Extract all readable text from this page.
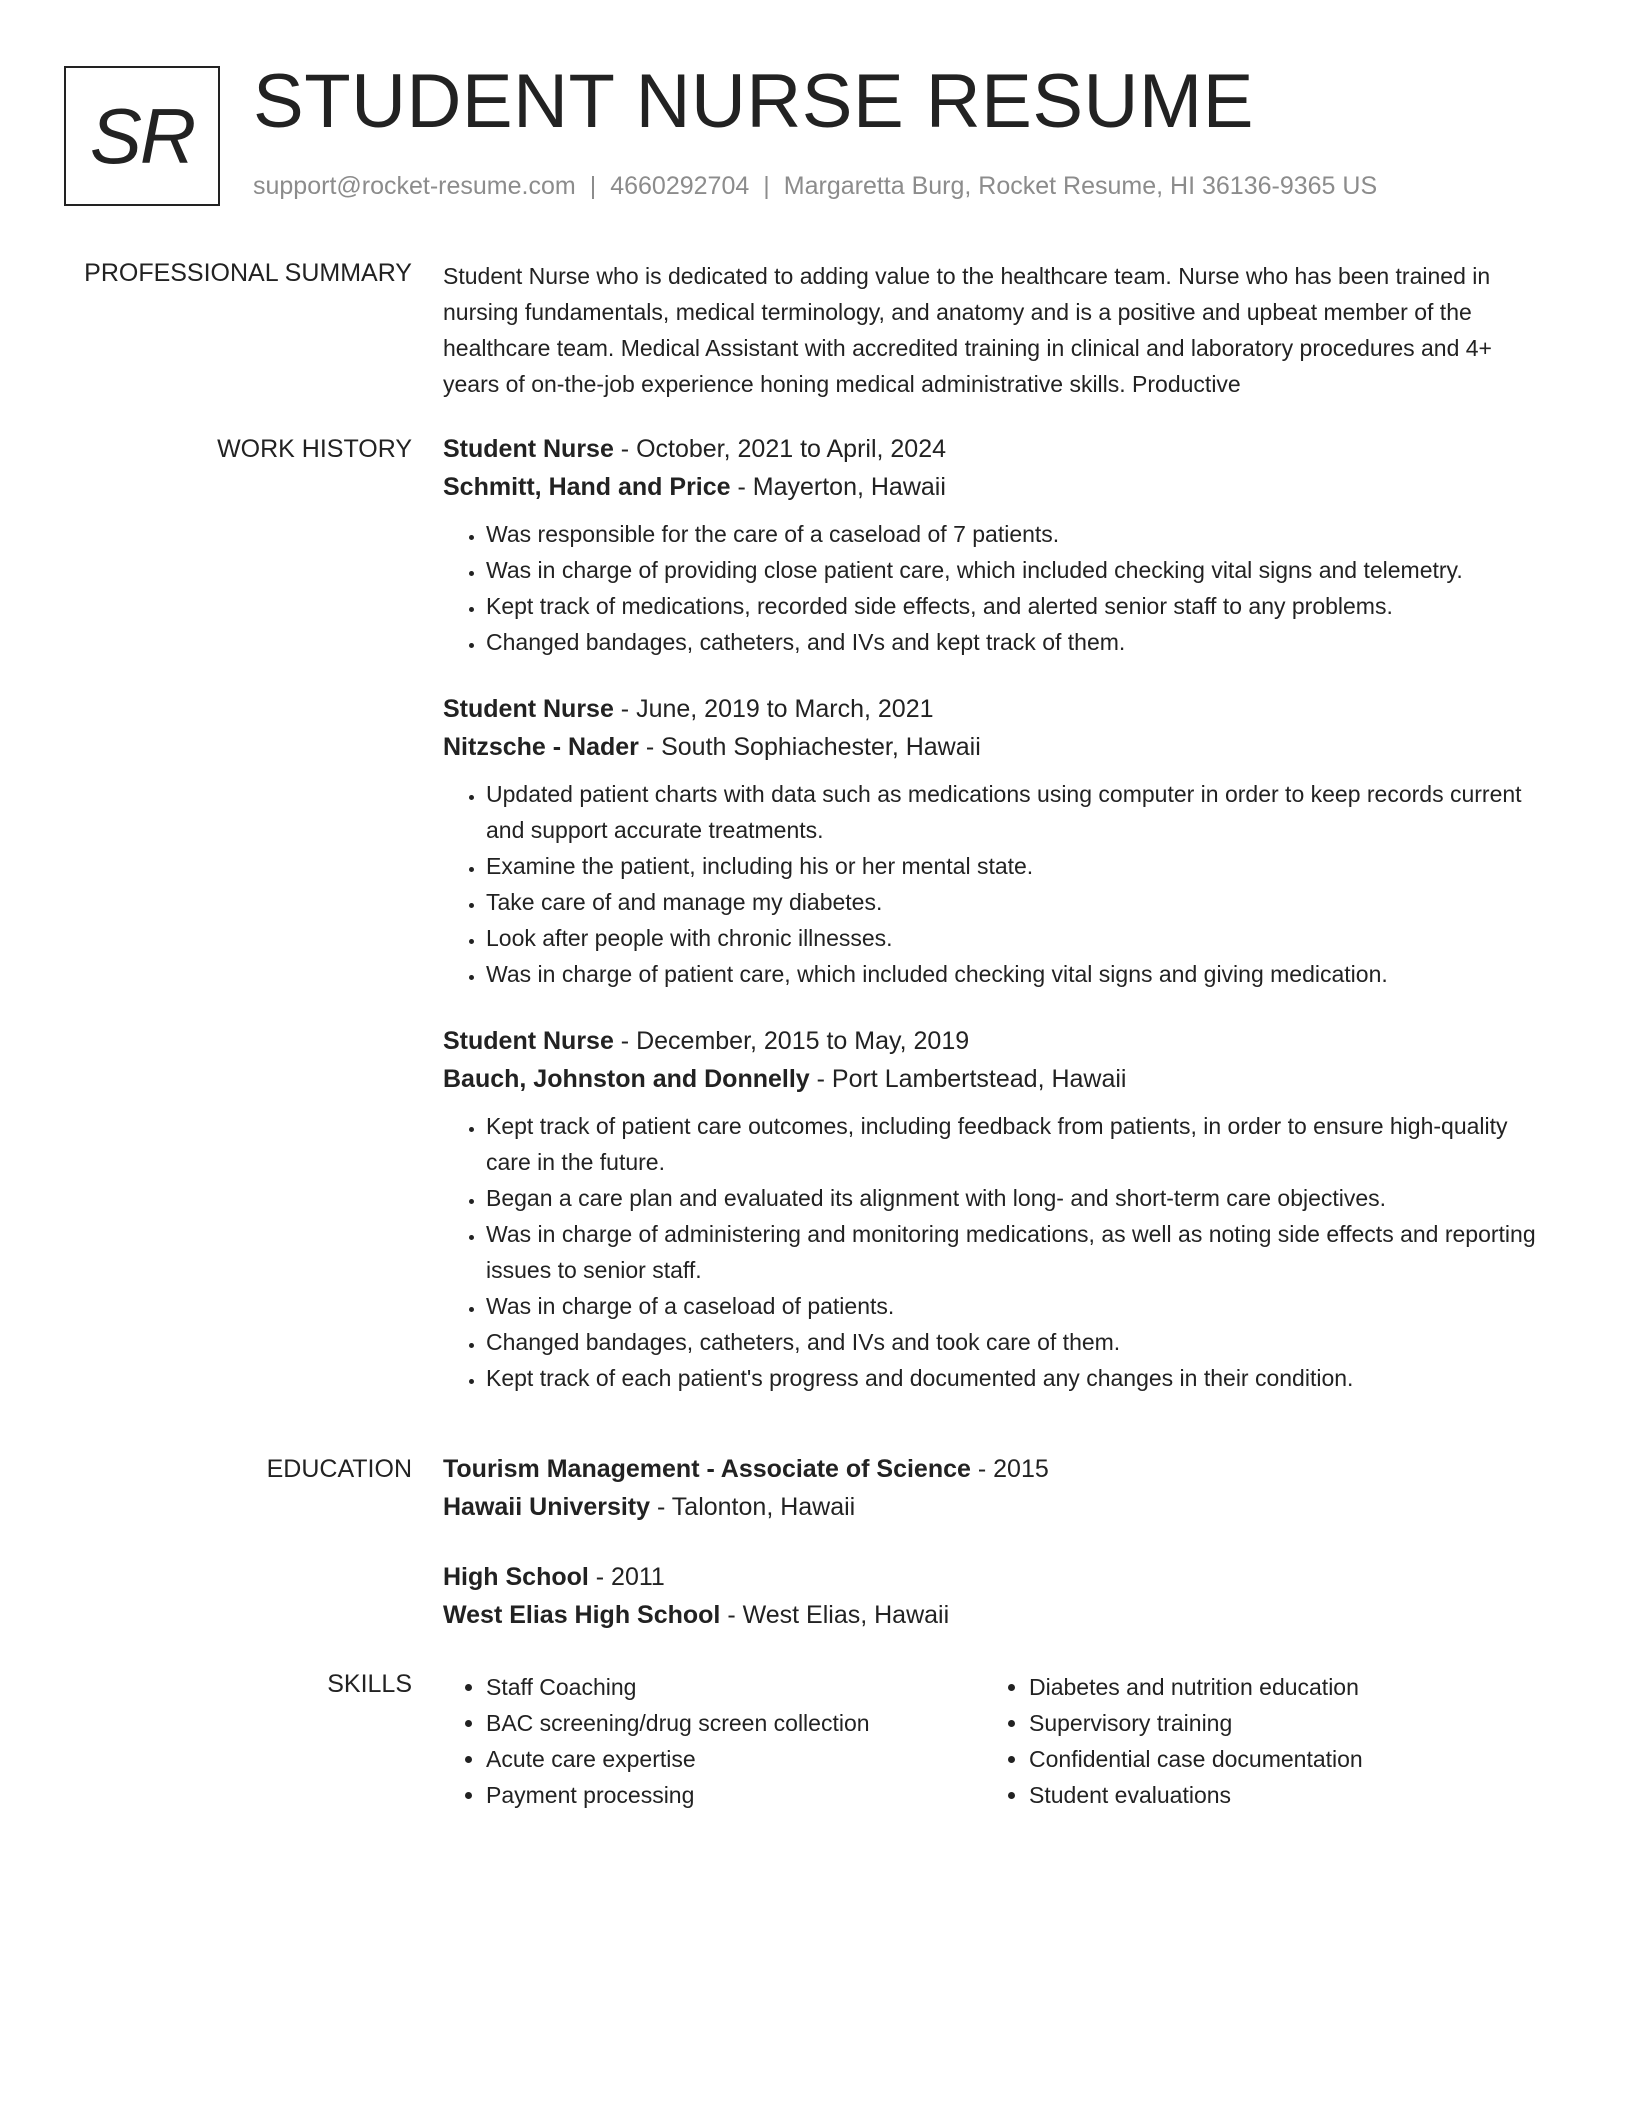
SR STUDENT NURSE RESUME
support@rocket-resume.com | 4660292704 | Margaretta Burg, Rocket Resume, HI 36136-9365 US
PROFESSIONAL SUMMARY Student Nurse who is dedicated to adding value to the healthcare team. Nurse who has been trained in nursing fundamentals, medical terminology, and anatomy and is a positive and upbeat member of the healthcare team. Medical Assistant with accredited training in clinical and laboratory procedures and 4+ years of on-the-job experience honing medical administrative skills. Productive

WORK HISTORY Student Nurse - October, 2021 to April, 2024
Schmitt, Hand and Price - Mayerton, Hawaii
• Was responsible for the care of a caseload of 7 patients.
• Was in charge of providing close patient care, which included checking vital signs and telemetry.
• Kept track of medications, recorded side effects, and alerted senior staff to any problems.
• Changed bandages, catheters, and IVs and kept track of them.
Student Nurse - June, 2019 to March, 2021
Nitzsche - Nader - South Sophiachester, Hawaii
• Updated patient charts with data such as medications using computer in order to keep records current and support accurate treatments.
• Examine the patient, including his or her mental state.
• Take care of and manage my diabetes.
• Look after people with chronic illnesses.
• Was in charge of patient care, which included checking vital signs and giving medication.
Student Nurse - December, 2015 to May, 2019
Bauch, Johnston and Donnelly - Port Lambertstead, Hawaii
• Kept track of patient care outcomes, including feedback from patients, in order to ensure high-quality care in the future.
• Began a care plan and evaluated its alignment with long- and short-term care objectives.
• Was in charge of administering and monitoring medications, as well as noting side effects and reporting issues to senior staff.
• Was in charge of a caseload of patients.
• Changed bandages, catheters, and IVs and took care of them.
• Kept track of each patient's progress and documented any changes in their condition.
EDUCATION Tourism Management - Associate of Science - 2015
Hawaii University - Talonton, Hawaii
High School - 2011
West Elias High School - West Elias, Hawaii
SKILLS
•	Staff Coaching
• BAC screening/drug screen collection
• Acute care expertise
• Payment processing
• Diabetes and nutrition education
• Supervisory training
• Confidential case documentation
• Student evaluations
